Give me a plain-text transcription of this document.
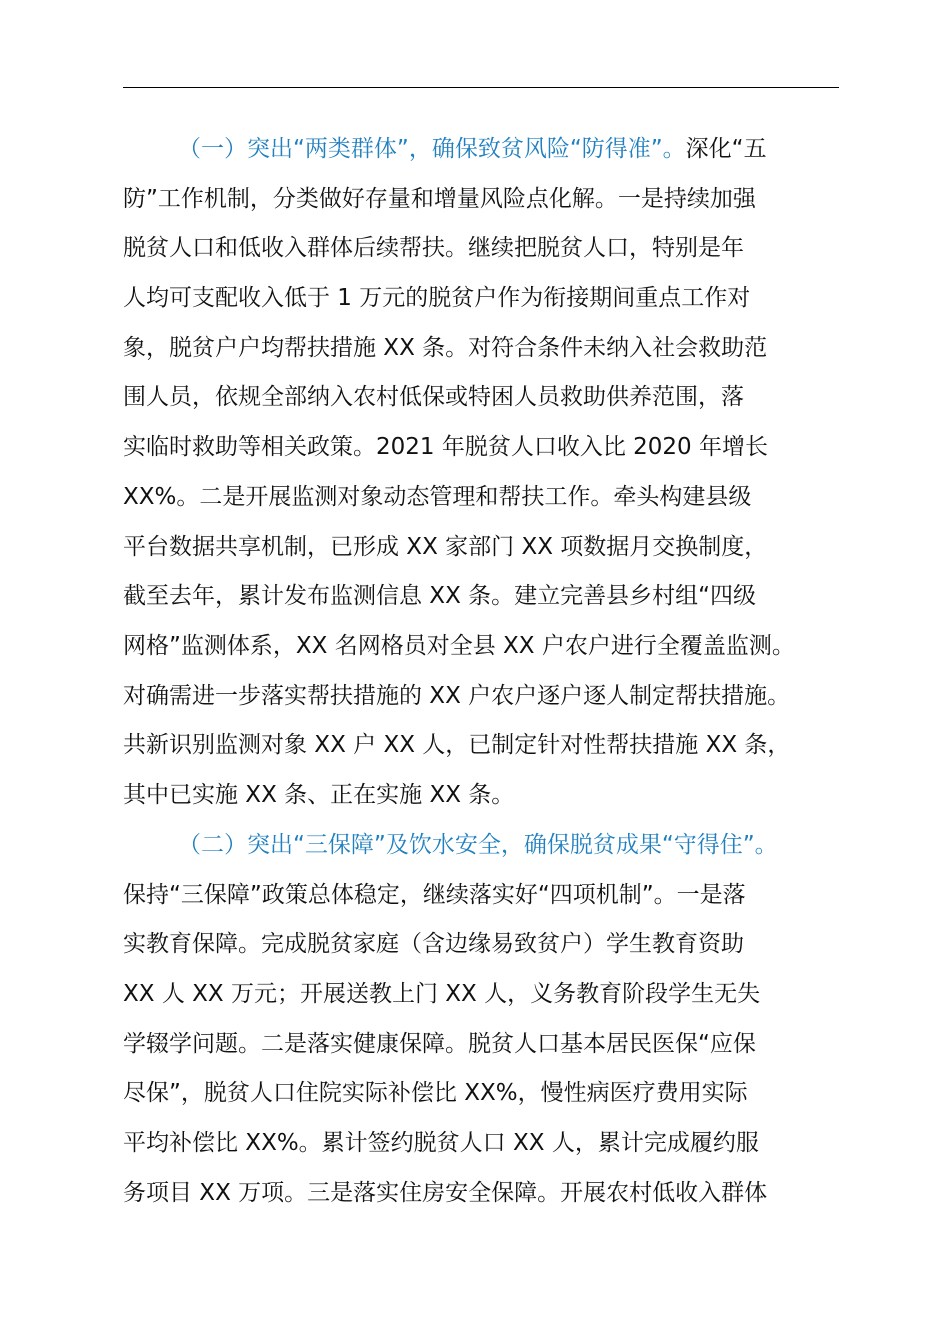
（一）突出“两类群体”，确保致贫风险“防得准”。深化“五
防”工作机制，分类做好存量和增量风险点化解。一是持续加强
脱贫人口和低收入群体后续帮扶。继续把脱贫人口，特别是年
人均可支配收入低于 1 万元的脱贫户作为衔接期间重点工作对
象，脱贫户户均帮扶措施 XX 条。对符合条件未纳入社会救助范
围人员，依规全部纳入农村低保或特困人员救助供养范围，落
实临时救助等相关政策。2021 年脱贫人口收入比 2020 年增长
XX%。二是开展监测对象动态管理和帮扶工作。牵头构建县级
平台数据共享机制，已形成 XX 家部门 XX 项数据月交换制度，
截至去年，累计发布监测信息 XX 条。建立完善县乡村组“四级
网格”监测体系，XX 名网格员对全县 XX 户农户进行全覆盖监测。
对确需进一步落实帮扶措施的 XX 户农户逐户逐人制定帮扶措施。
共新识别监测对象 XX 户 XX 人，已制定针对性帮扶措施 XX 条，
其中已实施 XX 条、正在实施 XX 条。
（二）突出“三保障”及饮水安全，确保脱贫成果“守得住”。
保持“三保障”政策总体稳定，继续落实好“四项机制”。一是落
实教育保障。完成脱贫家庭（含边缘易致贫户）学生教育资助
XX 人 XX 万元；开展送教上门 XX 人，义务教育阶段学生无失
学辍学问题。二是落实健康保障。脱贫人口基本居民医保“应保
尽保”，脱贫人口住院实际补偿比 XX%，慢性病医疗费用实际
平均补偿比 XX%。累计签约脱贫人口 XX 人，累计完成履约服
务项目 XX 万项。三是落实住房安全保障。开展农村低收入群体
